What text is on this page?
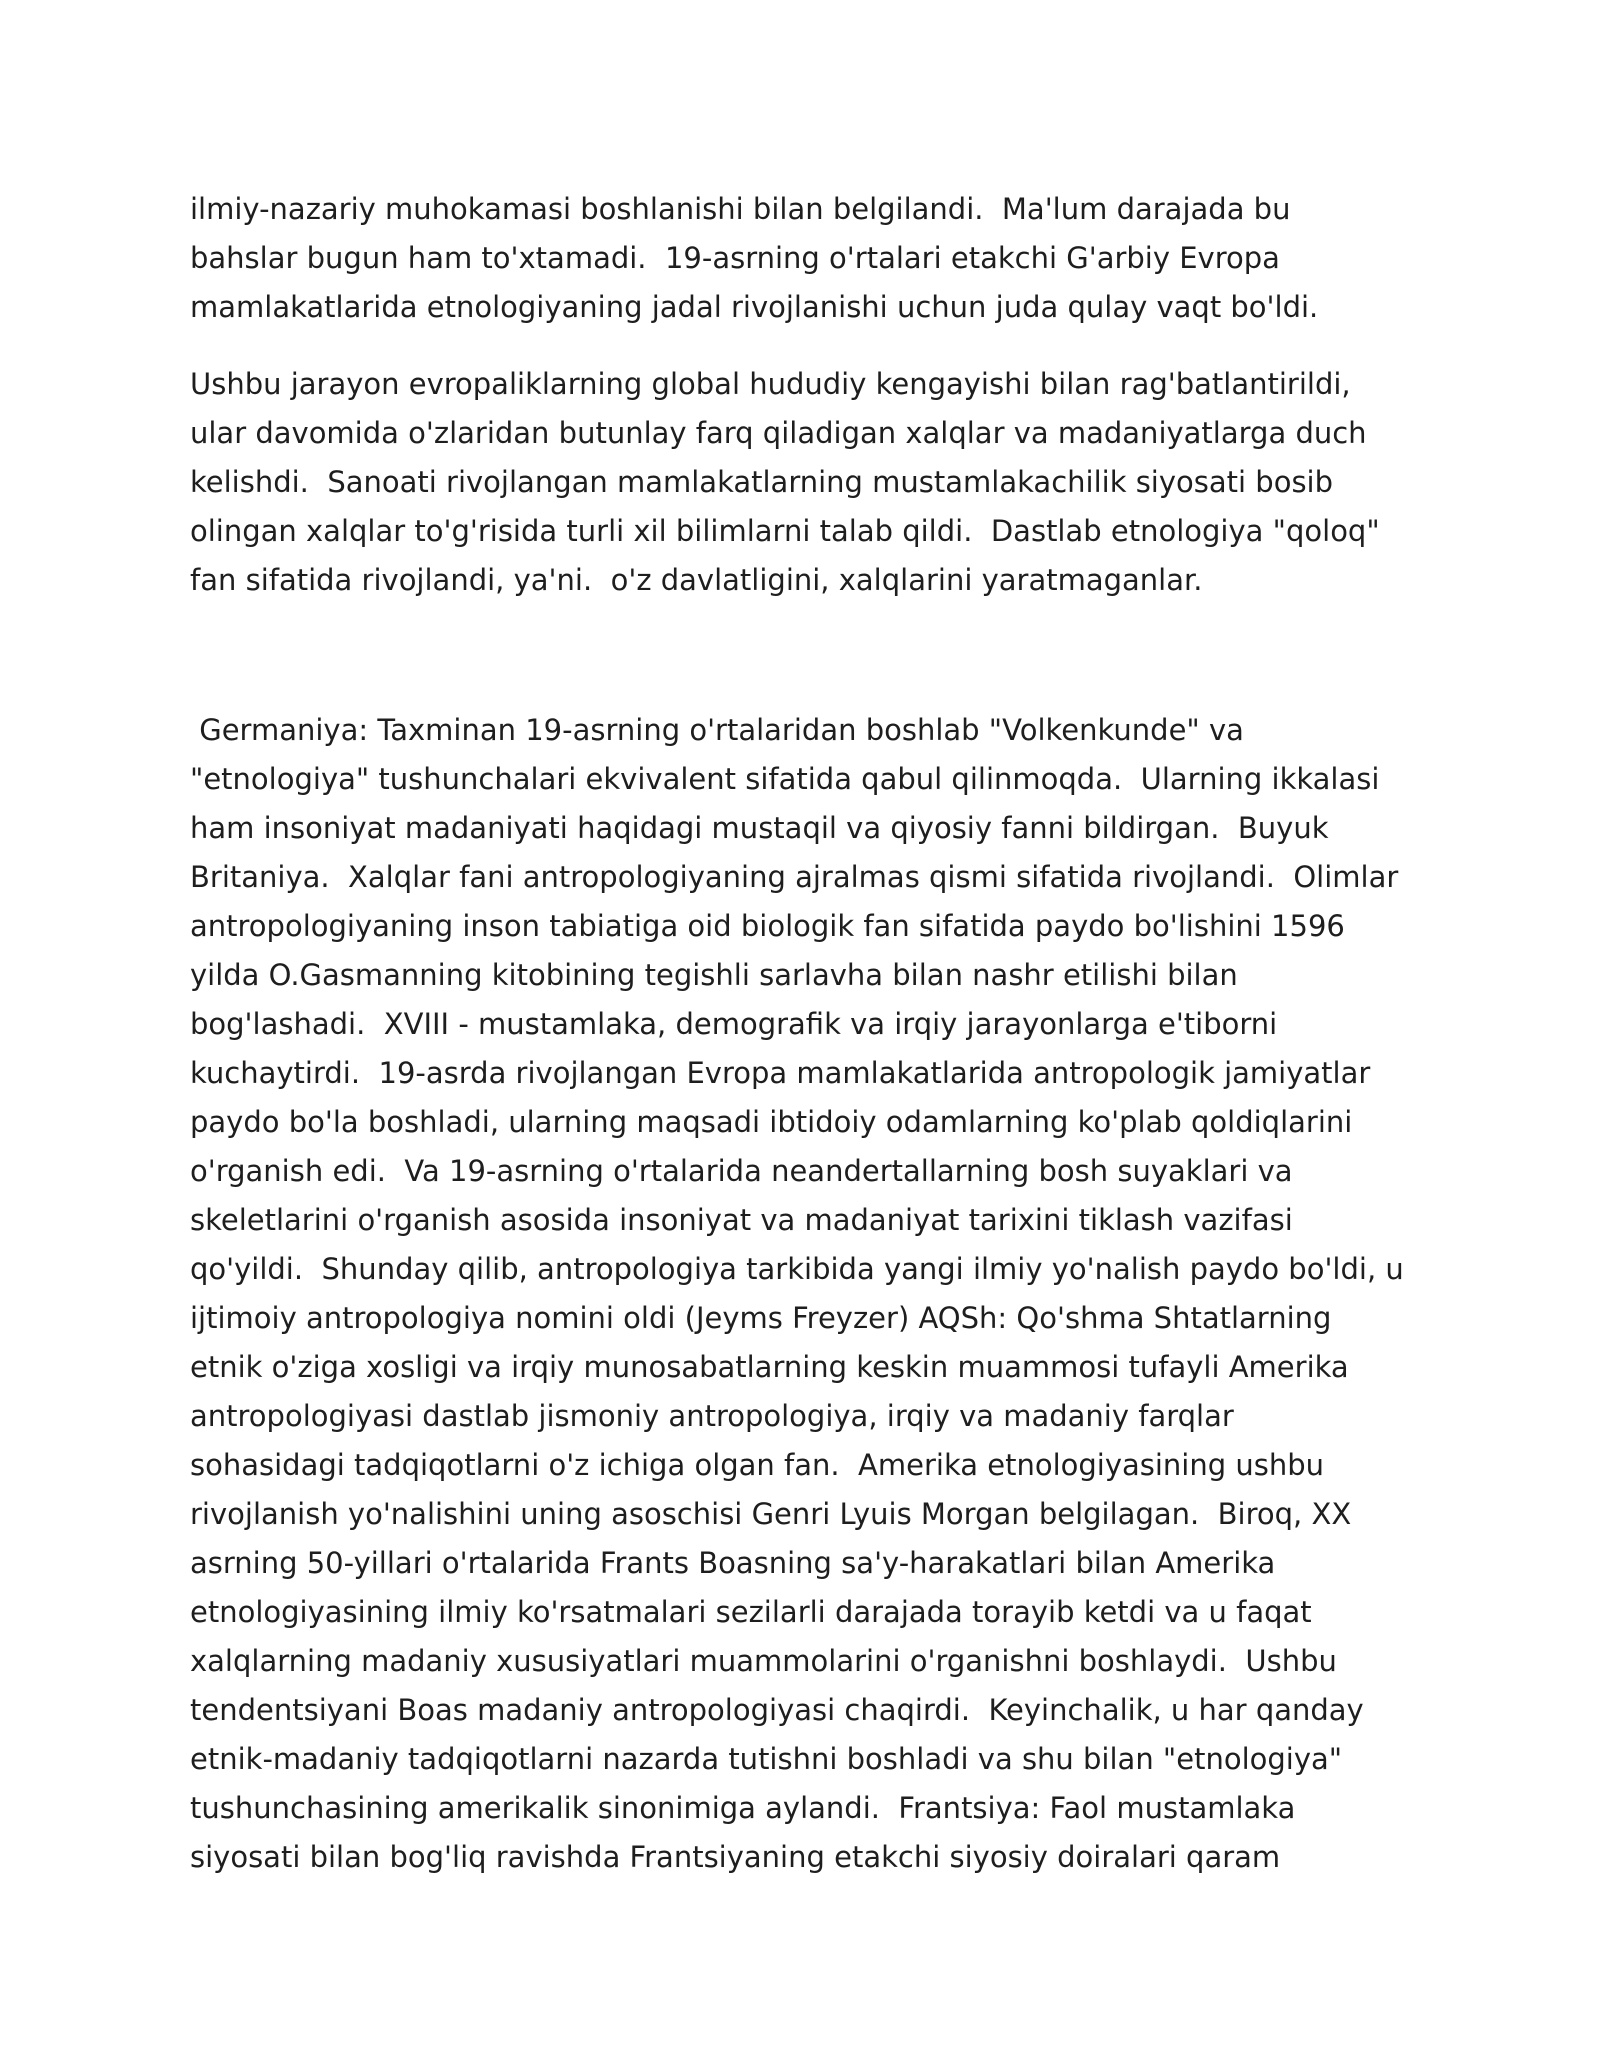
ilmiy-nazariy muhokamasi boshlanishi bilan belgilandi.  Ma'lum darajada bu

bahslar bugun ham to'xtamadi.  19-asrning o'rtalari etakchi G'arbiy Evropa

mamlakatlarida etnologiyaning jadal rivojlanishi uchun juda qulay vaqt bo'ldi.

Ushbu jarayon evropaliklarning global hududiy kengayishi bilan rag'batlantirildi,

ular davomida o'zlaridan butunlay farq qiladigan xalqlar va madaniyatlarga duch

kelishdi.  Sanoati rivojlangan mamlakatlarning mustamlakachilik siyosati bosib

olingan xalqlar to'g'risida turli xil bilimlarni talab qildi.  Dastlab etnologiya "qoloq"

fan sifatida rivojlandi, ya'ni.  o'z davlatligini, xalqlarini yaratmaganlar.

Germaniya: Taxminan 19-asrning o'rtalaridan boshlab "Volkenkunde" va

"etnologiya" tushunchalari ekvivalent sifatida qabul qilinmoqda.  Ularning ikkalasi

ham insoniyat madaniyati haqidagi mustaqil va qiyosiy fanni bildirgan.  Buyuk

Britaniya.  Xalqlar fani antropologiyaning ajralmas qismi sifatida rivojlandi.  Olimlar

antropologiyaning inson tabiatiga oid biologik fan sifatida paydo bo'lishini 1596

yilda O.Gasmanning kitobining tegishli sarlavha bilan nashr etilishi bilan

bog'lashadi.  XVIII - mustamlaka, demografik va irqiy jarayonlarga e'tiborni

kuchaytirdi.  19-asrda rivojlangan Evropa mamlakatlarida antropologik jamiyatlar

paydo bo'la boshladi, ularning maqsadi ibtidoiy odamlarning ko'plab qoldiqlarini

o'rganish edi.  Va 19-asrning o'rtalarida neandertallarning bosh suyaklari va

skeletlarini o'rganish asosida insoniyat va madaniyat tarixini tiklash vazifasi

qo'yildi.  Shunday qilib, antropologiya tarkibida yangi ilmiy yo'nalish paydo bo'ldi, u

ijtimoiy antropologiya nomini oldi (Jeyms Freyzer) AQSh: Qo'shma Shtatlarning

etnik o'ziga xosligi va irqiy munosabatlarning keskin muammosi tufayli Amerika

antropologiyasi dastlab jismoniy antropologiya, irqiy va madaniy farqlar

sohasidagi tadqiqotlarni o'z ichiga olgan fan.  Amerika etnologiyasining ushbu

rivojlanish yo'nalishini uning asoschisi Genri Lyuis Morgan belgilagan.  Biroq, XX

asrning 50-yillari o'rtalarida Frants Boasning sa'y-harakatlari bilan Amerika

etnologiyasining ilmiy ko'rsatmalari sezilarli darajada torayib ketdi va u faqat

xalqlarning madaniy xususiyatlari muammolarini o'rganishni boshlaydi.  Ushbu

tendentsiyani Boas madaniy antropologiyasi chaqirdi.  Keyinchalik, u har qanday

etnik-madaniy tadqiqotlarni nazarda tutishni boshladi va shu bilan "etnologiya"

tushunchasining amerikalik sinonimiga aylandi.  Frantsiya: Faol mustamlaka

siyosati bilan bog'liq ravishda Frantsiyaning etakchi siyosiy doiralari qaram
